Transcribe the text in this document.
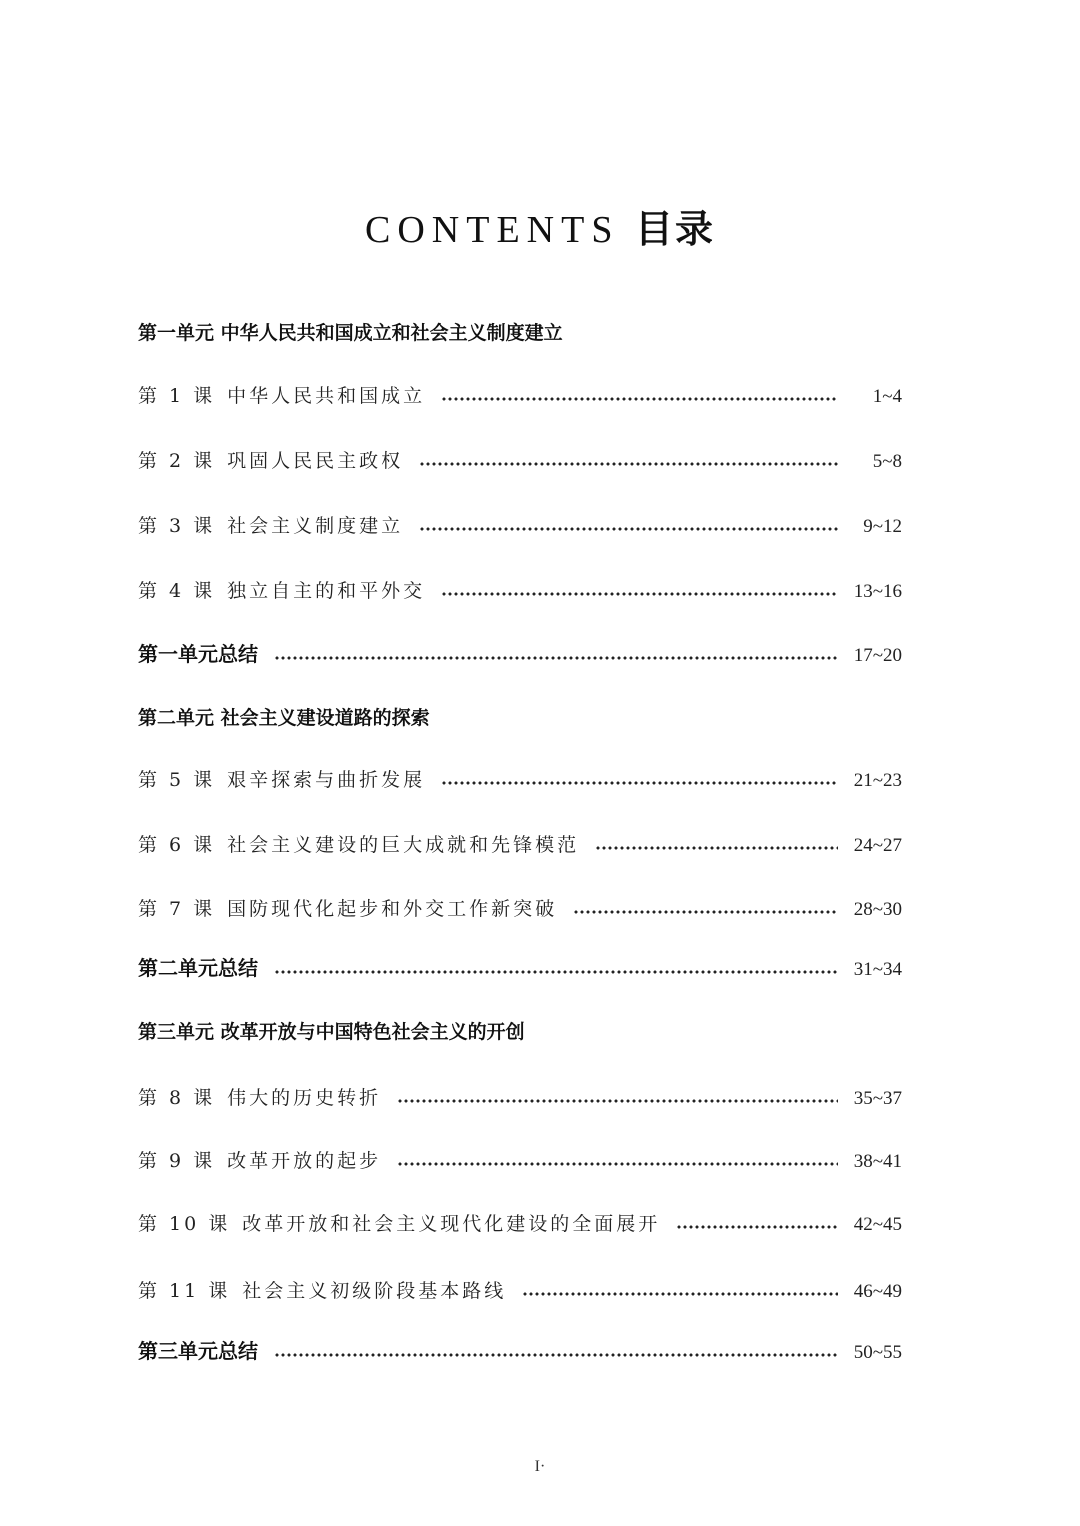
CONTENTS 目录
第一单元 中华人民共和国成立和社会主义制度建立
第 1 课 中华人民共和国成立	1~4
第 2 课 巩固人民民主政权	5~8
第 3 课 社会主义制度建立	9~12
第 4 课 独立自主的和平外交	13~16
第一单元总结	17~20
第二单元 社会主义建设道路的探索
第 5 课 艰辛探索与曲折发展	21~23
第 6 课 社会主义建设的巨大成就和先锋模范	24~27
第 7 课 国防现代化起步和外交工作新突破	28~30
第二单元总结	31~34
第三单元 改革开放与中国特色社会主义的开创
第 8 课 伟大的历史转折	35~37
第 9 课 改革开放的起步	38~41
第 10 课 改革开放和社会主义现代化建设的全面展开	42~45
第 11 课 社会主义初级阶段基本路线	46~49
第三单元总结	50~55
I·
